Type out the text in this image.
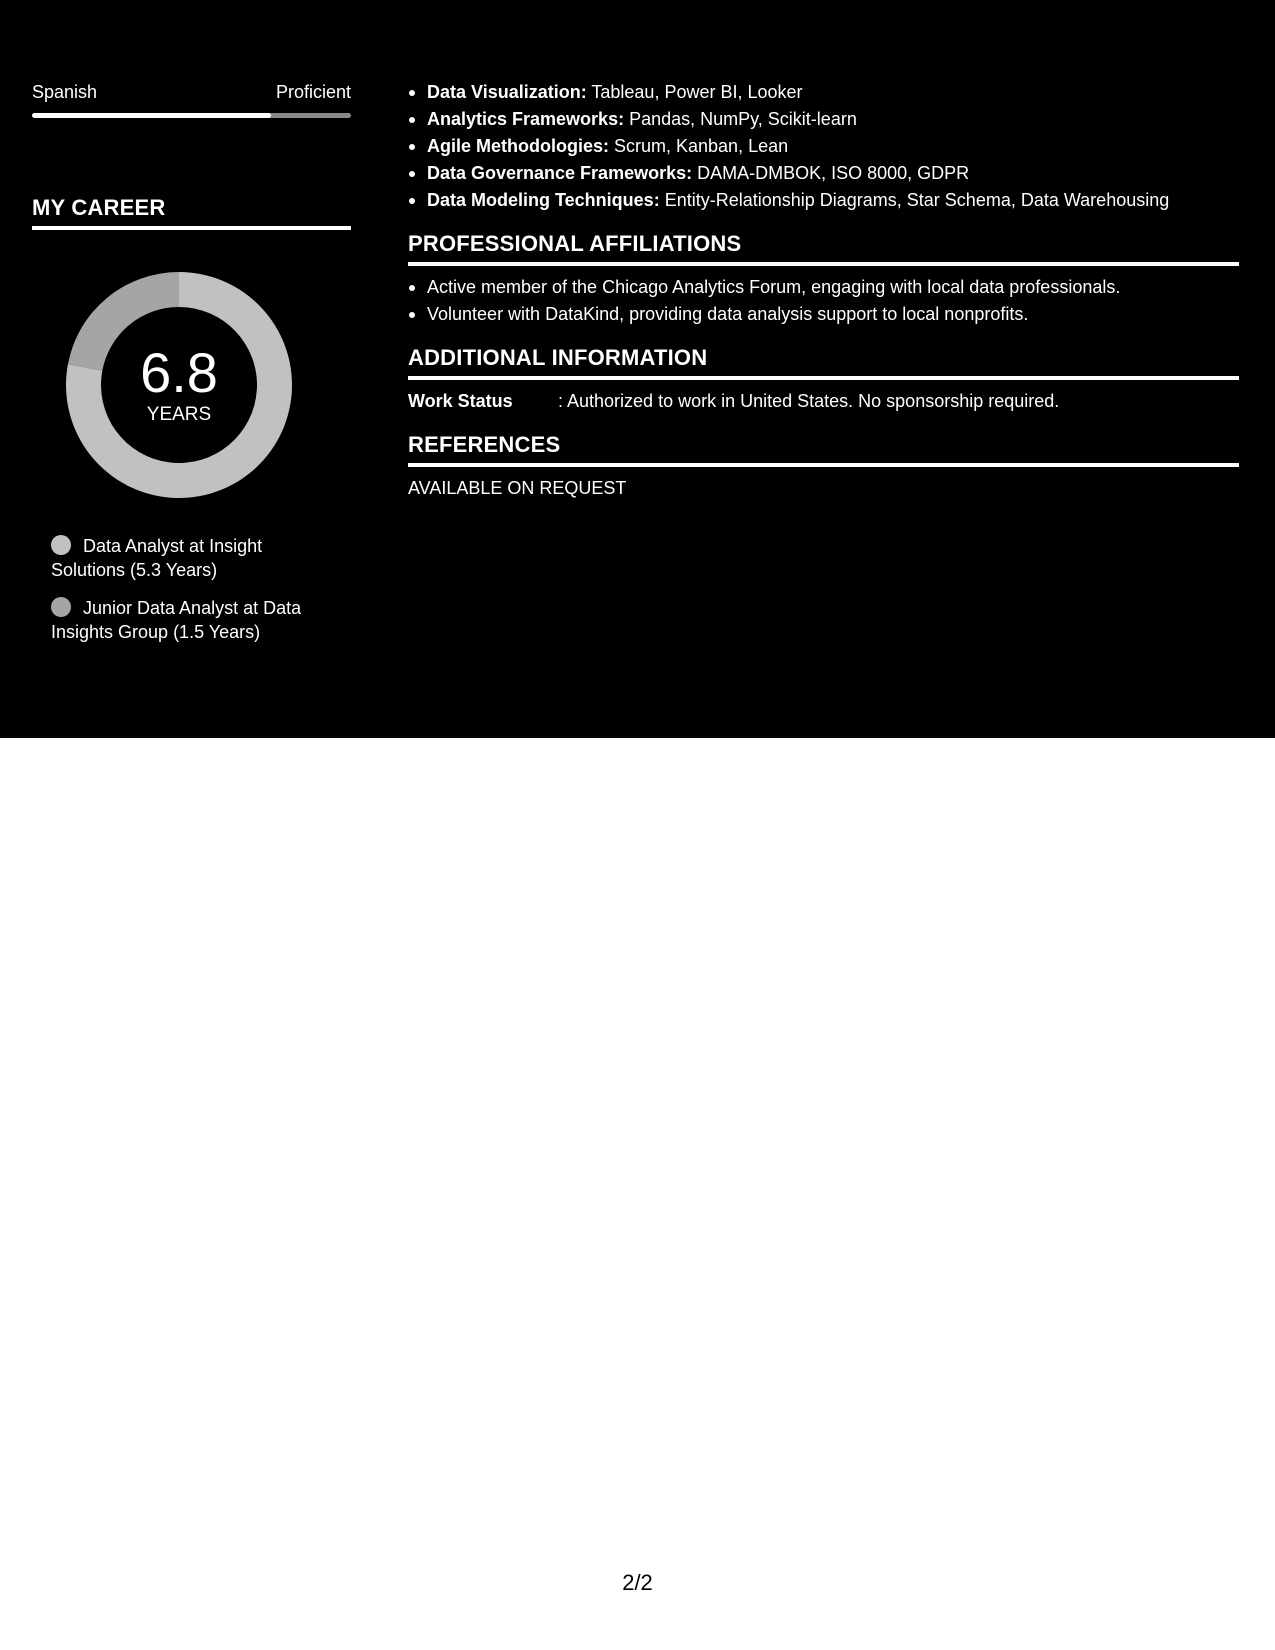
Spanish	Proficient
MY CAREER
6.8
YEARS
Data Analyst at Insight Solutions (5.3 Years)
Junior Data Analyst at Data Insights Group (1.5 Years)
Data Visualization: Tableau, Power BI, Looker
Analytics Frameworks: Pandas, NumPy, Scikit-learn
Agile Methodologies: Scrum, Kanban, Lean
Data Governance Frameworks: DAMA-DMBOK, ISO 8000, GDPR
Data Modeling Techniques: Entity-Relationship Diagrams, Star Schema, Data Warehousing
PROFESSIONAL AFFILIATIONS
Active member of the Chicago Analytics Forum, engaging with local data professionals.
Volunteer with DataKind, providing data analysis support to local nonprofits.
ADDITIONAL INFORMATION
Work Status	: Authorized to work in United States. No sponsorship required.
REFERENCES
AVAILABLE ON REQUEST
2/2
